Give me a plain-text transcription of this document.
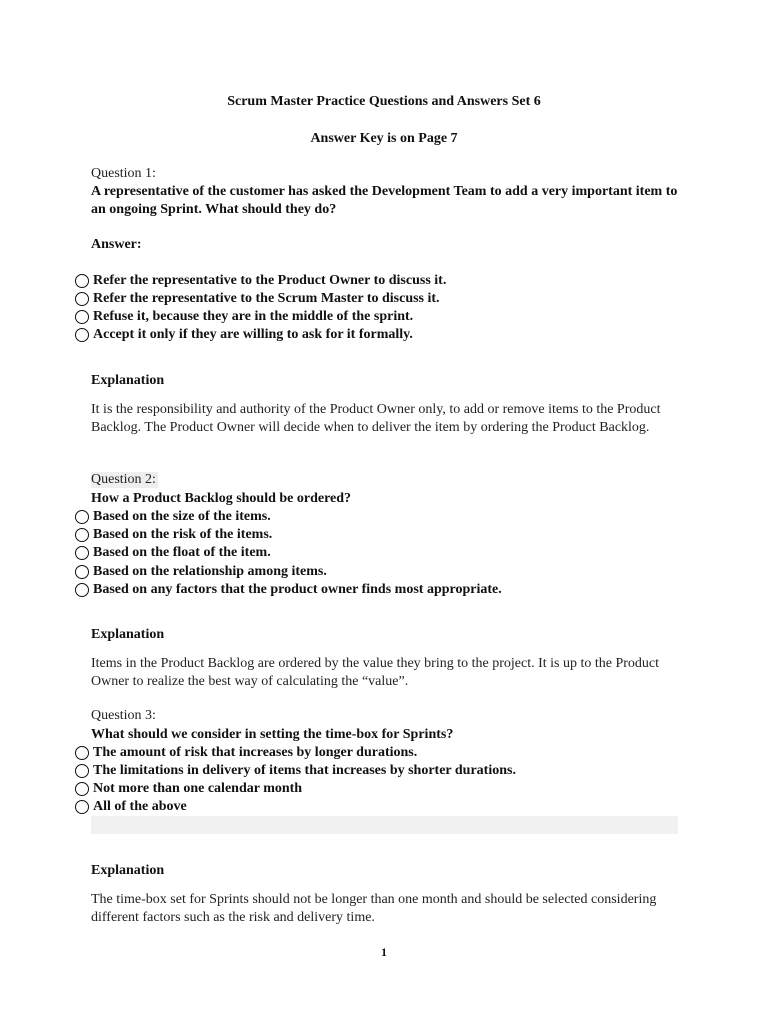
Scrum Master Practice Questions and Answers Set 6
Answer Key is on Page 7
Question 1:
A representative of the customer has asked the Development Team to add a very important item to an ongoing Sprint. What should they do?
Answer:
Refer the representative to the Product Owner to discuss it.
Refer the representative to the Scrum Master to discuss it.
Refuse it, because they are in the middle of the sprint.
Accept it only if they are willing to ask for it formally.
Explanation
It is the responsibility and authority of the Product Owner only, to add or remove items to the Product Backlog. The Product Owner will decide when to deliver the item by ordering the Product Backlog.
Question 2:
How a Product Backlog should be ordered?
Based on the size of the items.
Based on the risk of the items.
Based on the float of the item.
Based on the relationship among items.
Based on any factors that the product owner finds most appropriate.
Explanation
Items in the Product Backlog are ordered by the value they bring to the project. It is up to the Product Owner to realize the best way of calculating the “value”.
Question 3:
What should we consider in setting the time-box for Sprints?
The amount of risk that increases by longer durations.
The limitations in delivery of items that increases by shorter durations.
Not more than one calendar month
All of the above
Explanation
The time-box set for Sprints should not be longer than one month and should be selected considering different factors such as the risk and delivery time.
1
